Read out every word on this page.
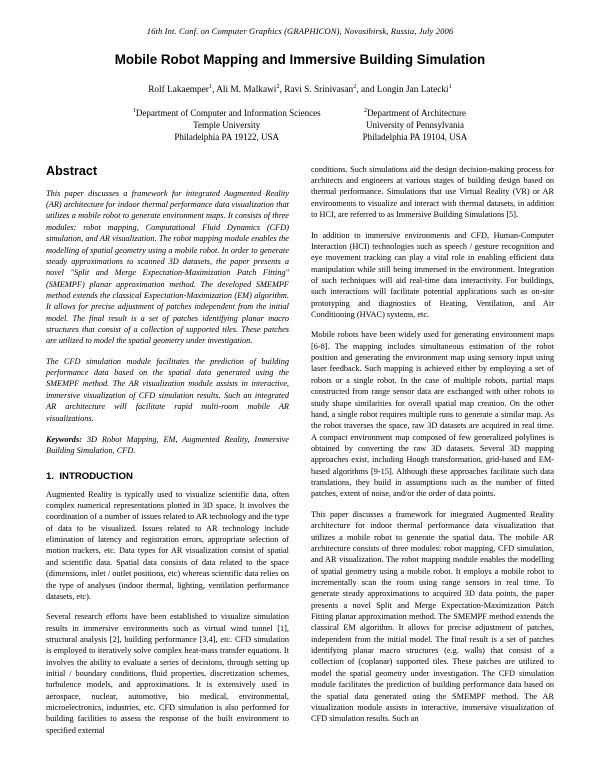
16th Int. Conf. on Computer Graphics (GRAPHICON), Novosibirsk, Russia, July 2006
Mobile Robot Mapping and Immersive Building Simulation
Rolf Lakaemper$^1$, Ali M. Malkawi$^2$, Ravi S. Srinivasan$^2$, and Longin Jan Latecki$^1$
$^1$Department of Computer and Information Sciences
Temple University
Philadelphia PA 19122, USA
$^2$Department of Architecture
University of Pennsylvania
Philadelphia PA 19104, USA
Abstract

This paper discusses a framework for integrated Augmented Reality (AR) architecture for indoor thermal performance data visualization that utilizes a mobile robot to generate environment maps. It consists of three modules: robot mapping, Computational Fluid Dynamics (CFD) simulation, and AR visualization. The robot mapping module enables the modelling of spatial geometry using a mobile robot. In order to generate steady approximations to scanned 3D datasets, the paper presents a novel "Split and Merge Expectation-Maximization Patch Fitting" (SMEMPF) planar approximation method. The developed SMEMPF method extends the classical Expectation-Maximization (EM) algorithm. It allows for precise adjustment of patches independent from the initial model. The final result is a set of patches identifying planar macro structures that consist of a collection of supported tiles. These patches are utilized to model the spatial geometry under investigation.

The CFD simulation module facilitates the prediction of building performance data based on the spatial data generated using the SMEMPF method. The AR visualization module assists in interactive, immersive visualization of CFD simulation results. Such an integrated AR architecture will facilitate rapid multi-room mobile AR visualizations.

Keywords: 3D Robot Mapping, EM, Augmented Reality, Immersive Building Simulation, CFD.

1. INTRODUCTION

Augmented Reality is typically used to visualize scientific data, often complex numerical representations plotted in 3D space. It involves the coordination of a number of issues related to AR technology and the type of data to be visualized. Issues related to AR technology include elimination of latency and registration errors, appropriate selection of motion trackers, etc. Data types for AR visualization consist of spatial and scientific data. Spatial data consists of data related to the space (dimensions, inlet / outlet positions, etc) whereas scientific data relies on the type of analyses (indoor thermal, lighting, ventilation performance datasets, etc).

Several research efforts have been established to visualize simulation results in immersive environments such as virtual wind tunnel [1], structural analysis [2], building performance [3,4], etc. CFD simulation is employed to iteratively solve complex heat-mass transfer equations. It involves the ability to evaluate a series of decisions, through setting up initial / boundary conditions, fluid properties, discretization schemes, turbulence models, and approximations. It is extensively used in aerospace, nuclear, automotive, bio medical, environmental, microelectronics, industries, etc. CFD simulation is also performed for building facilities to assess the response of the built environment to specified external

conditions. Such simulations aid the design decision-making process for architects and engineers at various stages of building design based on thermal performance. Simulations that use Virtual Reality (VR) or AR environments to visualize and interact with thermal datasets, in addition to HCI, are referred to as Immersive Building Simulations [5].

In addition to immersive environments and CFD, Human-Computer Interaction (HCI) technologies such as speech / gesture recognition and eye movement tracking can play a vital role in enabling efficient data manipulation while still being immersed in the environment. Integration of such techniques will aid real-time data interactivity. For buildings, such interactions will facilitate potential applications such as on-site prototyping and diagnostics of Heating, Ventilation, and Air Conditioning (HVAC) systems, etc.

Mobile robots have been widely used for generating environment maps [6-8]. The mapping includes simultaneous estimation of the robot position and generating the environment map using sensory input using laser feedback. Such mapping is achieved either by employing a set of robots or a single robot. In the case of multiple robots, partial maps constructed from range sensor data are exchanged with other robots to study shape similarities for overall spatial map creation. On the other hand, a single robot requires multiple runs to generate a similar map. As the robot traverses the space, raw 3D datasets are acquired in real time. A compact environment map composed of few generalized polylines is obtained by converting the raw 3D datasets. Several 3D mapping approaches exist, including Hough transformation, grid-based and EM-based algorithms [9-15]. Although these approaches facilitate such data translations, they build in assumptions such as the number of fitted patches, extent of noise, and/or the order of data points.

This paper discusses a framework for integrated Augmented Reality architecture for indoor thermal performance data visualization that utilizes a mobile robot to generate the spatial data. The mobile AR architecture consists of three modules: robot mapping, CFD simulation, and AR visualization. The robot mapping module enables the modelling of spatial geometry using a mobile robot. It employs a mobile robot to incrementally scan the room using range sensors in real time. To generate steady approximations to acquired 3D data points, the paper presents a novel Split and Merge Expectation-Maximization Patch Fitting planar approximation method. The SMEMPF method extends the classical EM algorithm. It allows for precise adjustment of patches, independent from the initial model. The final result is a set of patches identifying planar macro structures (e.g. walls) that consist of a collection of (coplanar) supported tiles. These patches are utilized to model the spatial geometry under investigation. The CFD simulation module facilitates the prediction of building performance data based on the spatial data generated using the SMEMPF method. The AR visualization module assists in interactive, immersive visualization of CFD simulation results. Such an
